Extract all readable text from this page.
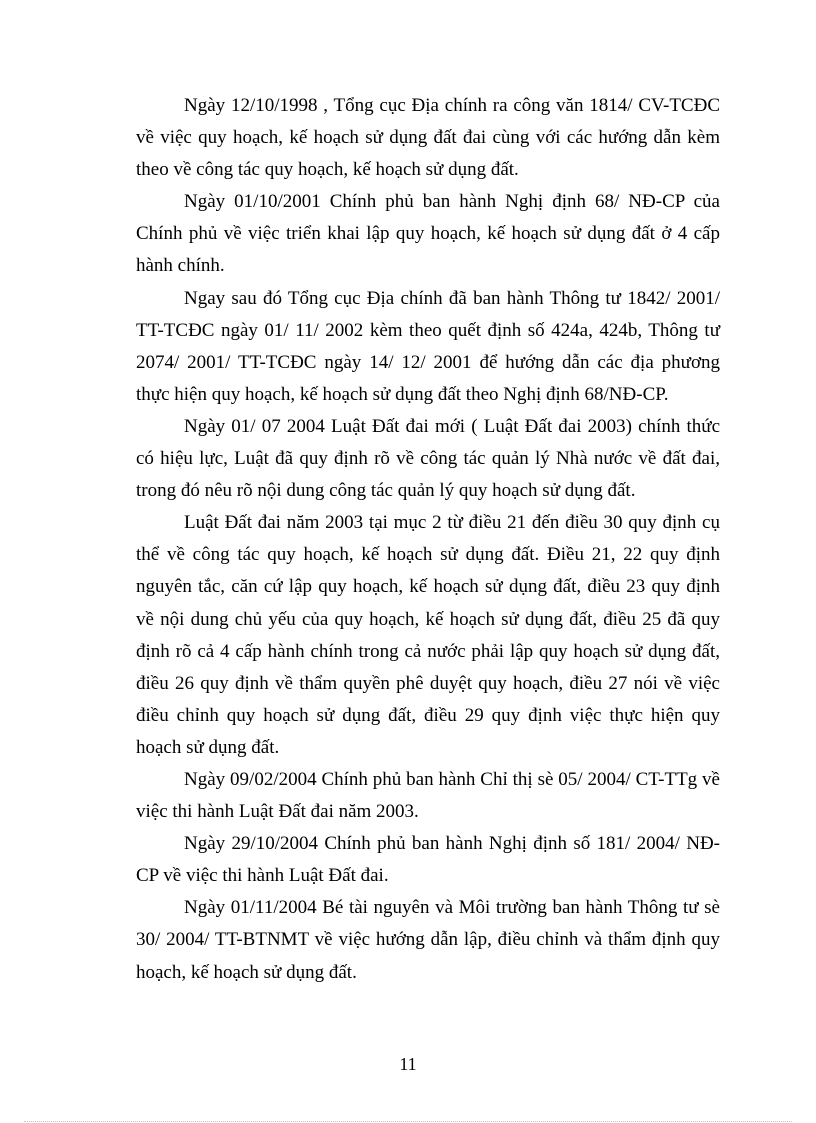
Ngày 12/10/1998 , Tổng cục Địa chính ra công văn 1814/ CV-TCĐC về việc quy hoạch, kế hoạch sử dụng đất đai cùng với các hướng dẫn kèm theo về công tác quy hoạch, kế hoạch sử dụng đất.

Ngày 01/10/2001 Chính phủ ban hành Nghị định 68/ NĐ-CP của Chính phủ về việc triển khai lập quy hoạch, kế hoạch sử dụng đất ở 4 cấp hành chính.

Ngay sau đó Tổng cục Địa chính đã ban hành Thông tư 1842/ 2001/ TT-TCĐC ngày 01/ 11/ 2002 kèm theo quết định số 424a, 424b, Thông tư 2074/ 2001/ TT-TCĐC ngày 14/ 12/ 2001 để hướng dẫn các địa phương thực hiện quy hoạch, kế hoạch sử dụng đất theo Nghị định 68/NĐ-CP.

Ngày 01/ 07 2004 Luật Đất đai mới ( Luật Đất đai 2003) chính thức có hiệu lực, Luật đã quy định rõ về công tác quản lý Nhà nước về đất đai, trong đó nêu rõ nội dung công tác quản lý quy hoạch sử dụng đất.

Luật Đất đai năm 2003 tại mục 2 từ điều 21 đến điều 30 quy định cụ thể về công tác quy hoạch, kế hoạch sử dụng đất. Điều 21, 22 quy định nguyên tắc, căn cứ lập quy hoạch, kế hoạch sử dụng đất, điều 23 quy định về nội dung chủ yếu của quy hoạch, kế hoạch sử dụng đất, điều 25 đã quy định rõ cả 4 cấp hành chính trong cả nước phải lập quy hoạch sử dụng đất, điều 26 quy định về thẩm quyền phê duyệt quy hoạch, điều 27 nói về việc điều chỉnh quy hoạch sử dụng đất, điều 29 quy định việc thực hiện quy hoạch sử dụng đất.

Ngày 09/02/2004 Chính phủ ban hành Chỉ thị sè 05/ 2004/ CT-TTg về việc thi hành Luật Đất đai năm 2003.

Ngày 29/10/2004 Chính phủ ban hành Nghị định số 181/ 2004/ NĐ-CP về việc thi hành Luật Đất đai.

Ngày 01/11/2004 Bé tài nguyên và Môi trường ban hành Thông tư sè 30/ 2004/ TT-BTNMT về việc hướng dẫn lập, điều chỉnh và thẩm định quy hoạch, kế hoạch sử dụng đất.

11
